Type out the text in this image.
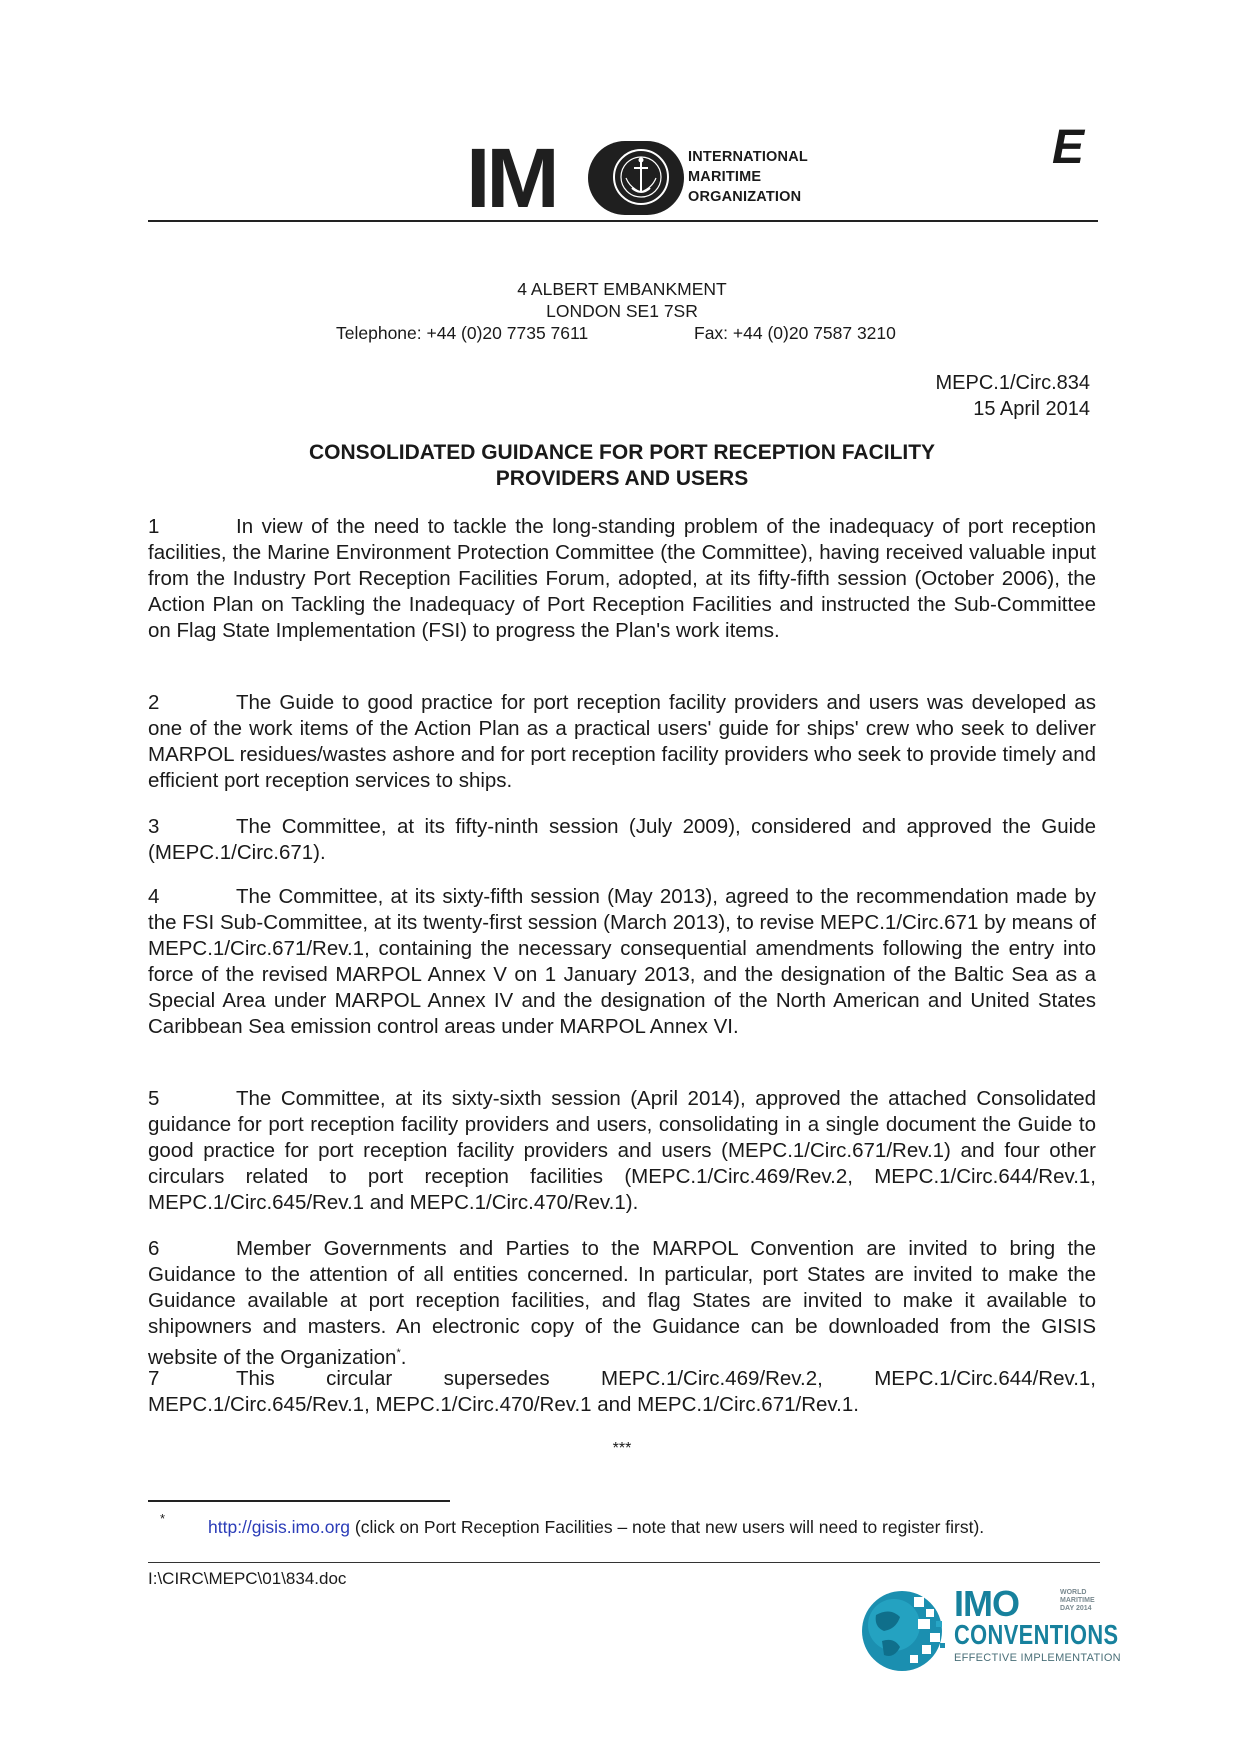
IM	INTERNATIONAL
MARITIME
ORGANIZATION
E
4 ALBERT EMBANKMENT
LONDON SE1 7SR
Telephone: +44 (0)20 7735 7611	Fax: +44 (0)20 7587 3210
MEPC.1/Circ.834
15 April 2014
CONSOLIDATED GUIDANCE FOR PORT RECEPTION FACILITY
PROVIDERS AND USERS
1	In view of the need to tackle the long-standing problem of the inadequacy of port reception facilities, the Marine Environment Protection Committee (the Committee), having received valuable input from the Industry Port Reception Facilities Forum, adopted, at its fifty-fifth session (October 2006), the Action Plan on Tackling the Inadequacy of Port Reception Facilities and instructed the Sub-Committee on Flag State Implementation (FSI) to progress the Plan's work items.
2	The Guide to good practice for port reception facility providers and users was developed as one of the work items of the Action Plan as a practical users' guide for ships' crew who seek to deliver MARPOL residues/wastes ashore and for port reception facility providers who seek to provide timely and efficient port reception services to ships.
3	The Committee, at its fifty-ninth session (July 2009), considered and approved the Guide (MEPC.1/Circ.671).
4	The Committee, at its sixty-fifth session (May 2013), agreed to the recommendation made by the FSI Sub-Committee, at its twenty-first session (March 2013), to revise MEPC.1/Circ.671 by means of MEPC.1/Circ.671/Rev.1, containing the necessary consequential amendments following the entry into force of the revised MARPOL Annex V on 1 January 2013, and the designation of the Baltic Sea as a Special Area under MARPOL Annex IV and the designation of the North American and United States Caribbean Sea emission control areas under MARPOL Annex VI.
5	The Committee, at its sixty-sixth session (April 2014), approved the attached Consolidated guidance for port reception facility providers and users, consolidating in a single document the Guide to good practice for port reception facility providers and users (MEPC.1/Circ.671/Rev.1) and four other circulars related to port reception facilities (MEPC.1/Circ.469/Rev.2, MEPC.1/Circ.644/Rev.1, MEPC.1/Circ.645/Rev.1 and MEPC.1/Circ.470/Rev.1).
6	Member Governments and Parties to the MARPOL Convention are invited to bring the Guidance to the attention of all entities concerned. In particular, port States are invited to make the Guidance available at port reception facilities, and flag States are invited to make it available to shipowners and masters. An electronic copy of the Guidance can be downloaded from the GISIS website of the Organization*.
7	This circular supersedes MEPC.1/Circ.469/Rev.2, MEPC.1/Circ.644/Rev.1, MEPC.1/Circ.645/Rev.1, MEPC.1/Circ.470/Rev.1 and MEPC.1/Circ.671/Rev.1.
***
* http://gisis.imo.org (click on Port Reception Facilities – note that new users will need to register first).
I:\CIRC\MEPC\01\834.doc
IMO	WORLD
MARITIME
DAY 2014
CONVENTIONS
EFFECTIVE IMPLEMENTATION
